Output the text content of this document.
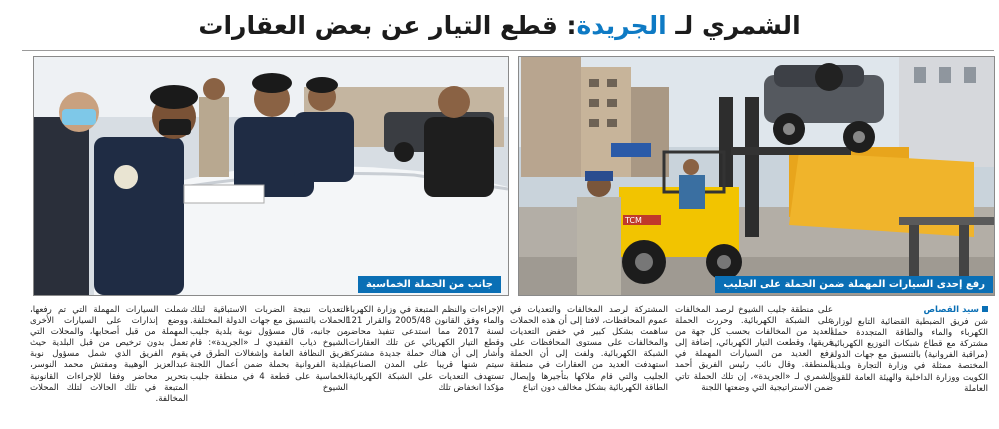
الشمري لـ الجريدة: قطع التيار عن بعض العقارات
TCM
رفع إحدى السيارات المهملة ضمن الحملة على الجليب
جانب من الحملة الخماسية
سيد القصاص
شن فريق الضبطية القضائية التابع لوزارة الكهرباء والماء والطاقة المتجددة حملة مشتركة مع قطاع شبكات التوزيع الكهربائية (مراقبة الفروانية) بالتنسيق مع جهات الدولة المختصة ممثلة في وزارة التجارة وبلدية الكويت ووزارة الداخلية والهيئة العامة للقوى العاملة
على منطقة جليب الشيوخ لرصد المخالفات على الشبكة الكهربائية. وحررت الحملة العديد من المخالفات بحسب كل جهة من فريقها، وقطعت التيار الكهربائي، إضافة إلى رفع العديد من السيارات المهملة في المنطقة. وقال نائب رئيس الفريق أحمد الشمري لـ «الجريدة»، إن تلك الحملة تاتي ضمن الاستراتيجية التي وضعتها اللجنة
المشتركة لرصد المخالفات والتعديات في عموم المحافظات، لافتا إلى أن هذه الحملات ساهمت بشكل كبير في خفض التعديات والمخالفات على مستوى المحافظات على الشبكة الكهربائية. ولفت إلى أن الحملة استهدفت العديد من العقارات في منطقة الجليب والتي قام ملاكها بتأجيرها وإيصال الطاقة الكهربائية بشكل مخالف دون اتباع
الإجراءات والنظم المتبعة في وزارة الكهرباء والماء وفق القانون 2005/48 والقرار 121 لسنة 2017 مما استدعى تنفيذ محاضر وقطع التيار الكهربائي عن تلك العقارات. وأشار إلى أن هناك حملة جديدة مشتركة سيتم شنها قريبا على المدن الصناعية تستهدف التعديات على الشبكة الكهربائية، مؤكدا انخفاض تلك
التعديات نتيجة الضربات الاستباقية لتلك الحملات بالتنسيق مع جهات الدولة المختلفة. من جانبه، قال مسؤول نوبة بلدية جليب الشيوخ ذياب القفيدي لـ «الجريدة»: قام فريق النظافة العامة وإشغالات الطرق في بلدية الفروانية بحملة ضمن أعمال اللجنة الخماسية على قطعة 4 في منطقة جليب الشيوخ
شملت السيارات المهملة التي تم رفعها، ووضع إنذارات على السيارات الأخرى المهملة من قبل أصحابها، والمحلات التي تعمل بدون ترخيص من قبل البلدية حيث يقوم الفريق الذي شمل مسؤول نوبة عبدالعزيز الوهيبة ومفتش محمد النوسر، بتحرير محاضر وفقا للإجراءات القانونية المتبعة في تلك الحالات لتلك المحلات المخالفة.
